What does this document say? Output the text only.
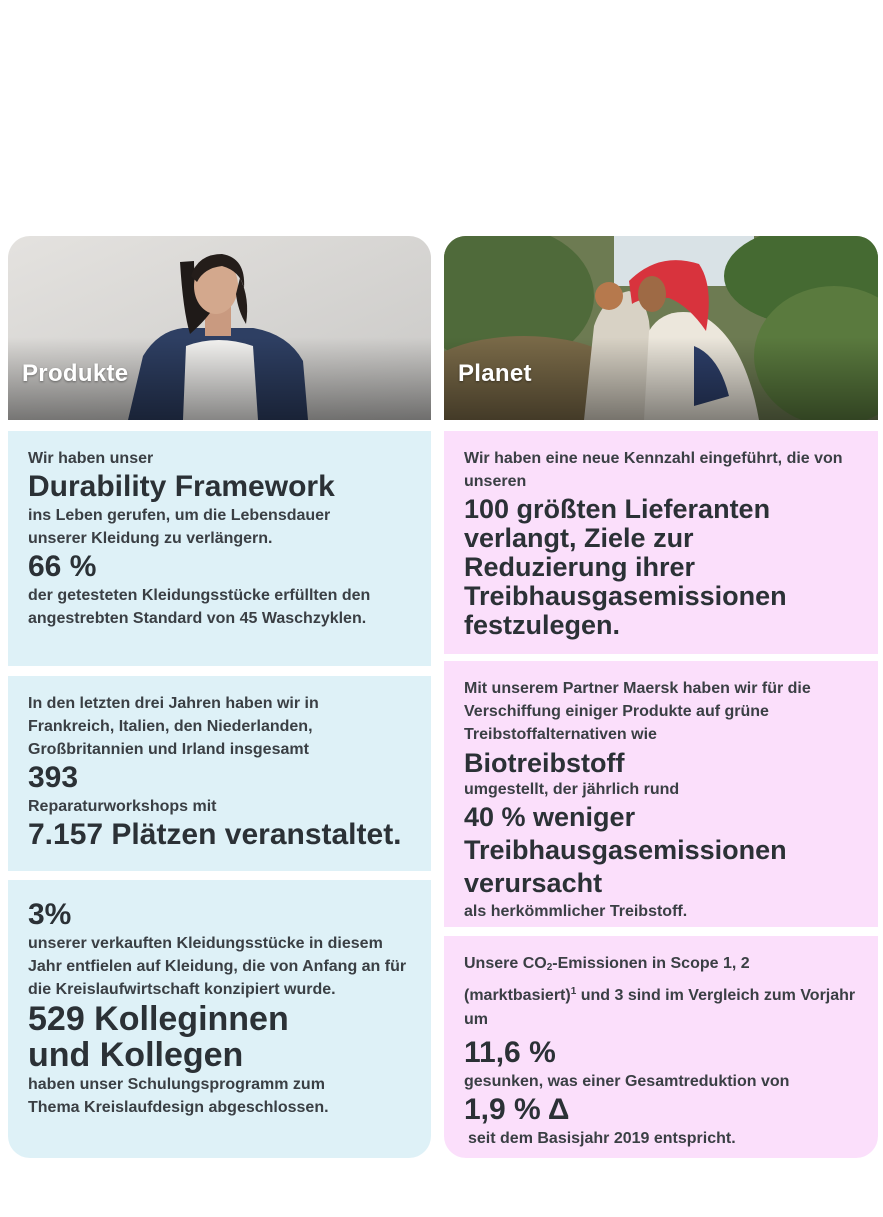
Produkte

Wir haben unser

Durability Framework

ins Leben gerufen, um die Lebensdauer unserer Kleidung zu verlängern.

66 %

der getesteten Kleidungsstücke erfüllten den angestrebten Standard von 45 Waschzyklen.

In den letzten drei Jahren haben wir in Frankreich, Italien, den Niederlanden, Großbritannien und Irland insgesamt

393

Reparaturworkshops mit

7.157 Plätzen veranstaltet.

3%

unserer verkauften Kleidungsstücke in diesem Jahr entfielen auf Kleidung, die von Anfang an für die Kreislaufwirtschaft konzipiert wurde.

529 Kolleginnen

und Kollegen

haben unser Schulungsprogramm zum Thema Kreislaufdesign abgeschlossen.

Planet

Wir haben eine neue Kennzahl eingeführt, die von unseren

100 größten Lieferanten verlangt, Ziele zur Reduzierung ihrer Treibhausgasemissionen festzulegen.

Mit unserem Partner Maersk haben wir für die Verschiffung einiger Produkte auf grüne Treibstoffalternativen wie

Biotreibstoff

umgestellt, der jährlich rund

40 % weniger Treibhausgasemissionen verursacht

als herkömmlicher Treibstoff.

Unsere $CO_2$-Emissionen in Scope 1, 2 (marktbasiert)$^1$ und 3 sind im Vergleich zum Vorjahr um

11,6 %

gesunken, was einer Gesamtreduktion von

1,9 % Δ

seit dem Basisjahr 2019 entspricht.
